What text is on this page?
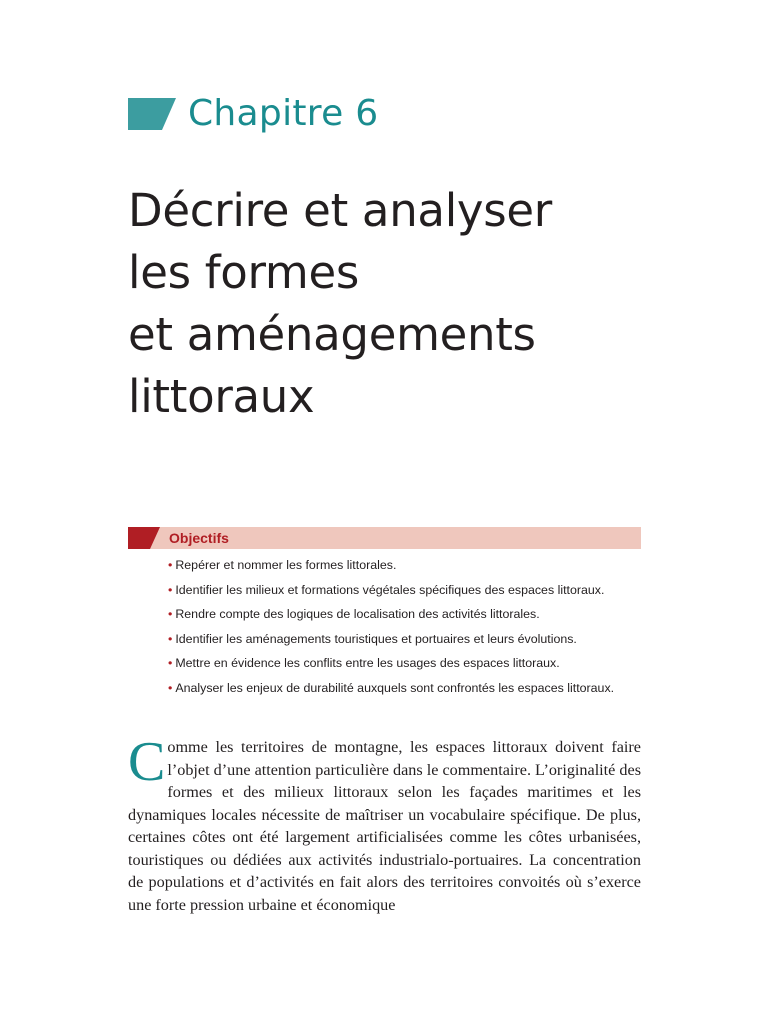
Chapitre 6
Décrire et analyser
les formes
et aménagements
littoraux
Objectifs
• Repérer et nommer les formes littorales.
• Identifier les milieux et formations végétales spécifiques des espaces littoraux.
• Rendre compte des logiques de localisation des activités littorales.
• Identifier les aménagements touristiques et portuaires et leurs évolutions.
• Mettre en évidence les conflits entre les usages des espaces littoraux.
• Analyser les enjeux de durabilité auxquels sont confrontés les espaces littoraux.

Comme les territoires de montagne, les espaces littoraux doivent faire l’objet d’une attention particulière dans le commentaire. L’originalité des formes et des milieux littoraux selon les façades maritimes et les dynamiques locales nécessite de maîtriser un vocabulaire spécifique. De plus, certaines côtes ont été largement artificialisées comme les côtes urbanisées, touristiques ou dédiées aux activités industrialo-portuaires. La concentration de populations et d’activités en fait alors des territoires convoités où s’exerce une forte pression urbaine et économique
